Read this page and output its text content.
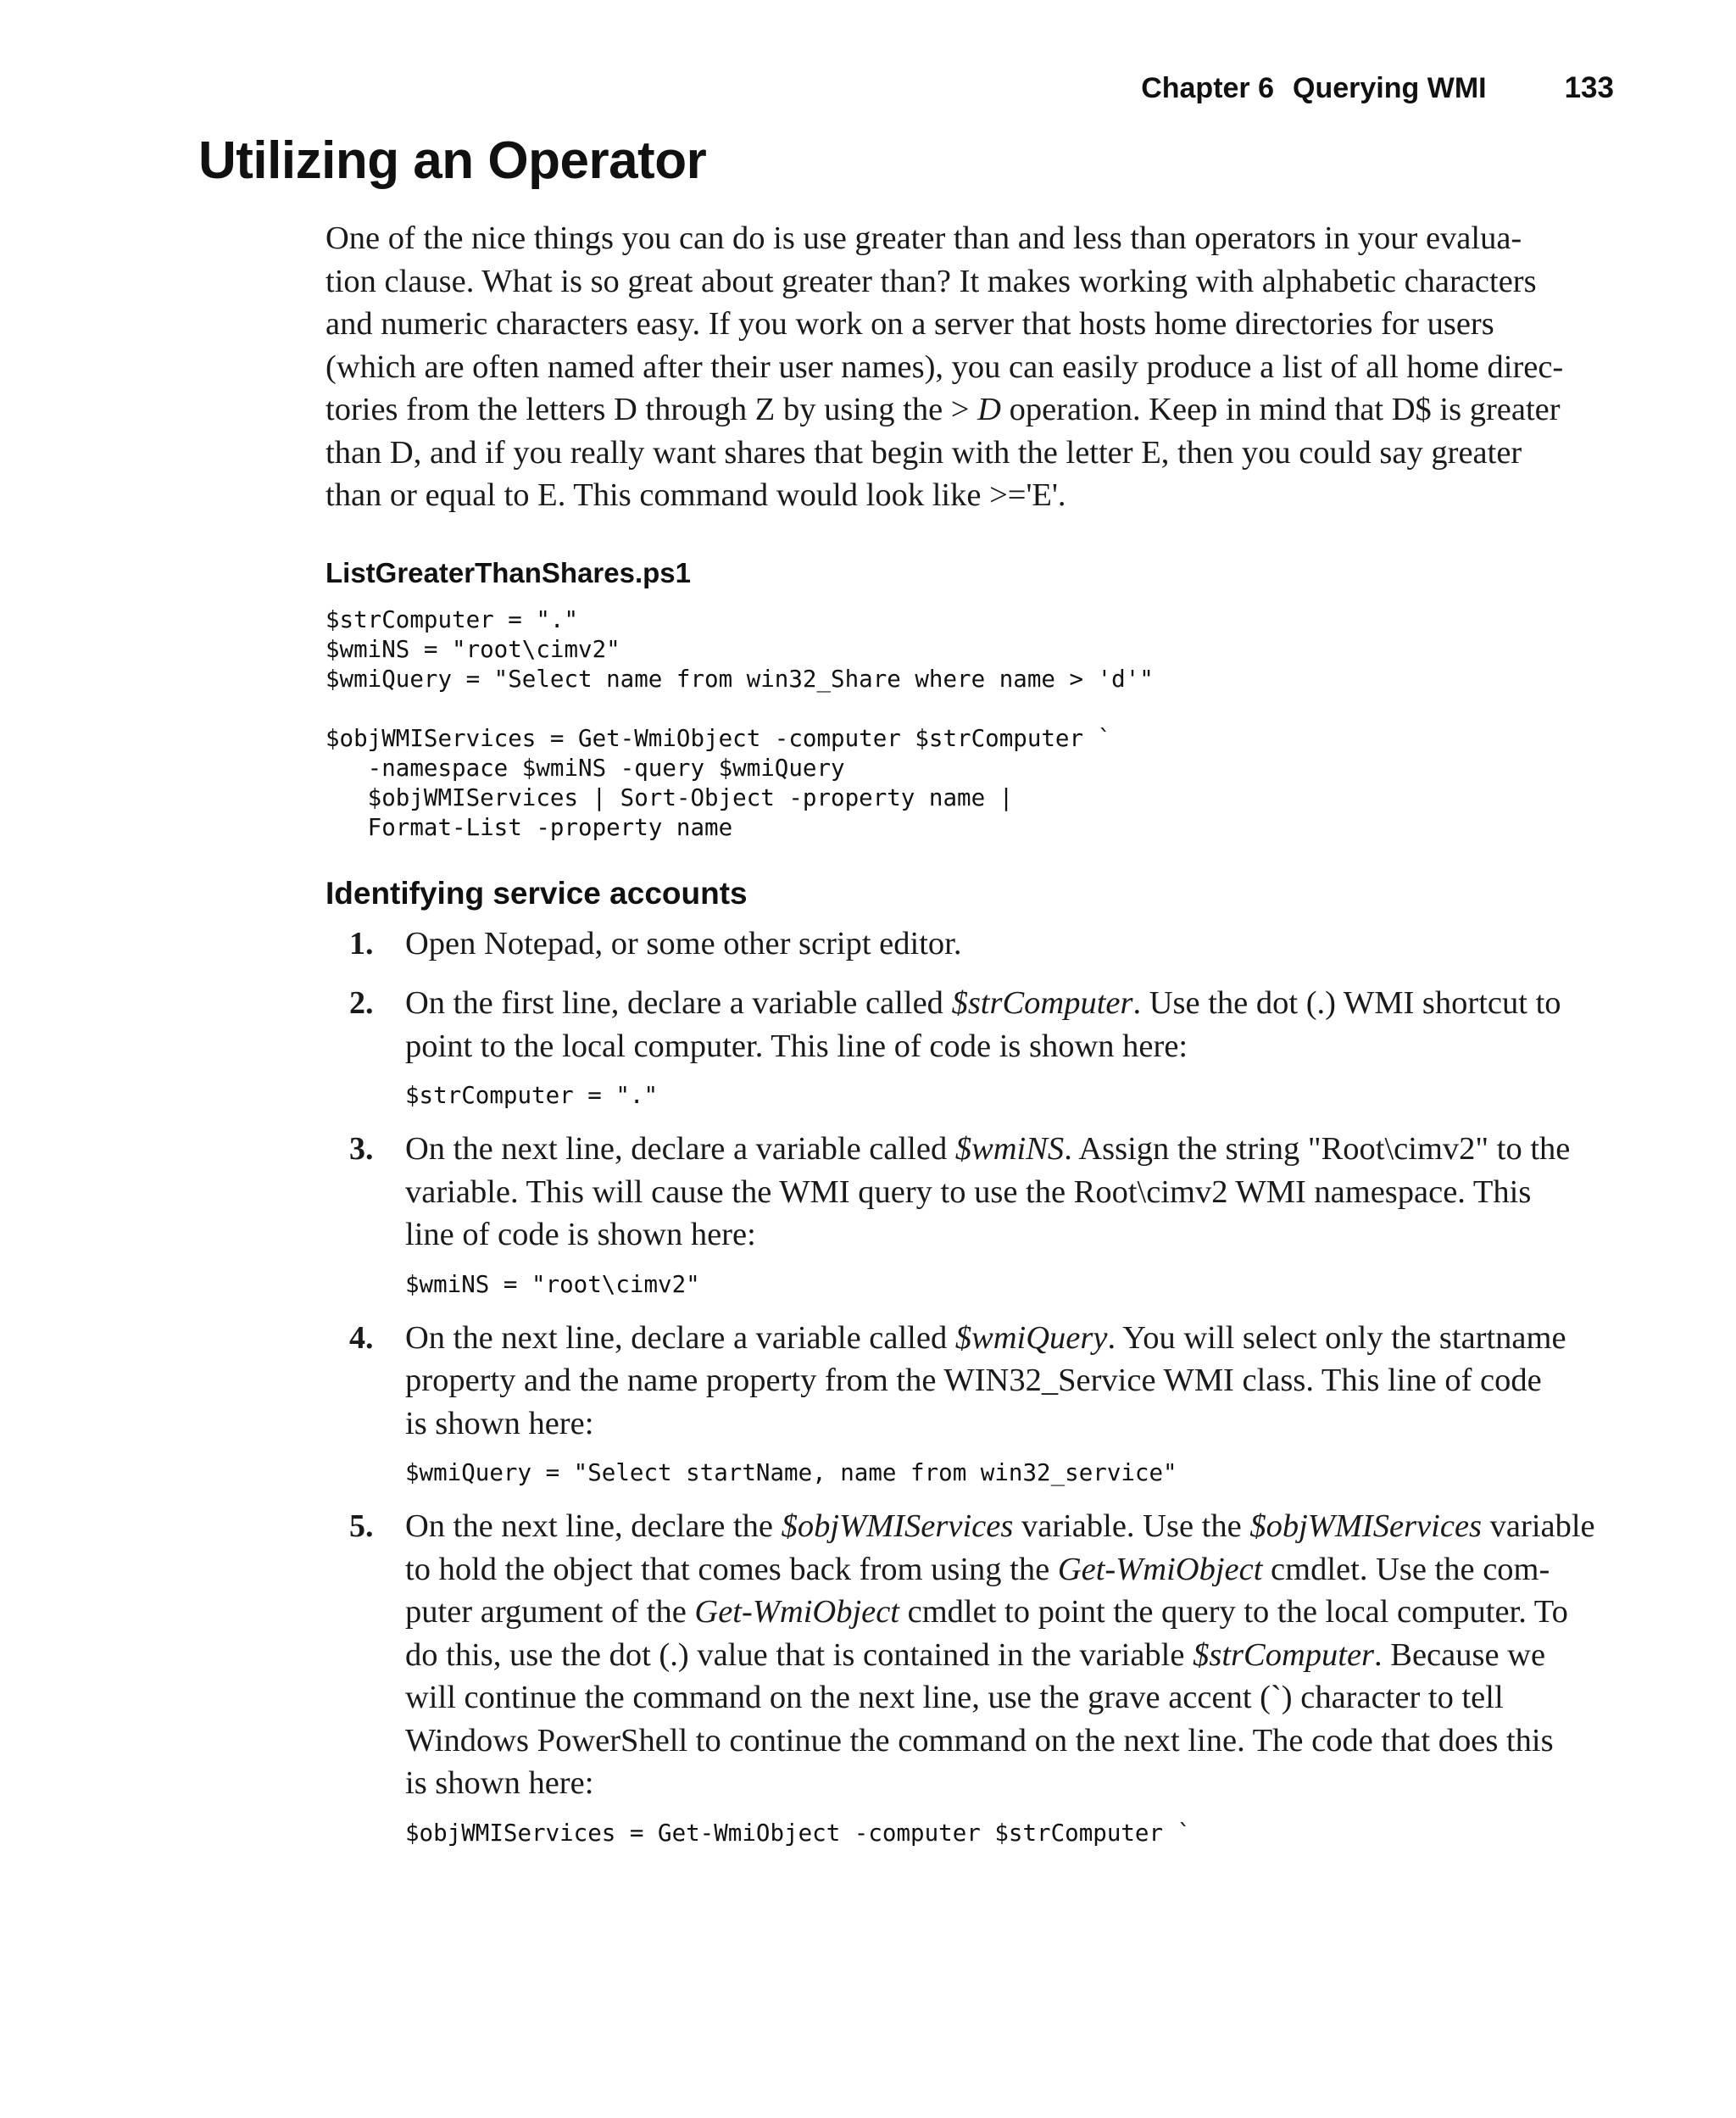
Chapter 6 Querying WMI	133
Utilizing an Operator

One of the nice things you can do is use greater than and less than operators in your evalua-
tion clause. What is so great about greater than? It makes working with alphabetic characters
and numeric characters easy. If you work on a server that hosts home directories for users
(which are often named after their user names), you can easily produce a list of all home direc-
tories from the letters D through Z by using the > D operation. Keep in mind that D$ is greater
than D, and if you really want shares that begin with the letter E, then you could say greater
than or equal to E. This command would look like >='E'.

ListGreaterThanShares.ps1
$strComputer = "."
$wmiNS = "root\cimv2"
$wmiQuery = "Select name from win32_Share where name > 'd'"
$objWMIServices = Get-WmiObject -computer $strComputer `
-namespace $wmiNS -query $wmiQuery
$objWMIServices | Sort-Object -property name |
Format-List -property name
Identifying service accounts
1. Open Notepad, or some other script editor.
2. On the first line, declare a variable called $strComputer. Use the dot (.) WMI shortcut to
point to the local computer. This line of code is shown here:
$strComputer = "."
3. On the next line, declare a variable called $wmiNS. Assign the string "Root\cimv2" to the
variable. This will cause the WMI query to use the Root\cimv2 WMI namespace. This
line of code is shown here:
$wmiNS = "root\cimv2"
4. On the next line, declare a variable called $wmiQuery. You will select only the startname
property and the name property from the WIN32_Service WMI class. This line of code
is shown here:
$wmiQuery = "Select startName, name from win32_service"
5. On the next line, declare the $objWMIServices variable. Use the $objWMIServices variable
to hold the object that comes back from using the Get-WmiObject cmdlet. Use the com-
puter argument of the Get-WmiObject cmdlet to point the query to the local computer. To
do this, use the dot (.) value that is contained in the variable $strComputer. Because we
will continue the command on the next line, use the grave accent (`) character to tell
Windows PowerShell to continue the command on the next line. The code that does this
is shown here:
$objWMIServices = Get-WmiObject -computer $strComputer `
